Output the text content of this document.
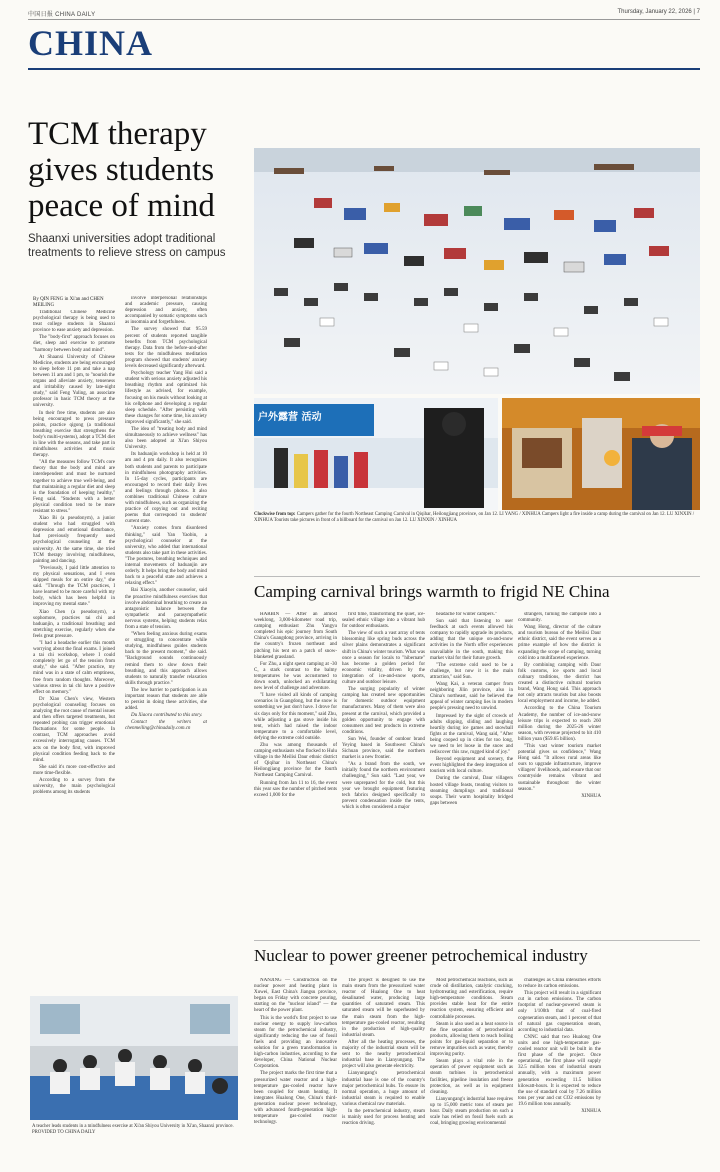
中国日报 CHINA DAILY	Thursday, January 22, 2026 | 7
CHINA
TCM therapy gives students peace of mind
Shaanxi universities adopt traditional treatments to relieve stress on campus
By QIN FENG in Xi'an and CHEN MEILING

Traditional Chinese Medicine psychological therapy is being used to treat college students in Shaanxi province to ease anxiety and depression.

The "body-first" approach focuses on diet, sleep and exercise to promote "harmony between body and mind".

At Shaanxi University of Chinese Medicine, students are being encouraged to sleep before 11 pm and take a nap between 11 am and 1 pm, to "nourish the organs and alleviate anxiety, tenseness and irritability caused by late-night study," said Feng Yuling, an associate professor in basic TCM theory at the university.

In their free time, students are also being encouraged to press pressure points, practice qigong (a traditional breathing exercise that strengthens the body's multi-systems), adopt a TCM diet in line with the seasons, and take part in mindfulness activities and music therapy.

"All the measures follow TCM's core theory that the body and mind are interdependent and must be nurtured together to achieve true well-being, and that maintaining a regular diet and sleep is the foundation of keeping healthy," Feng said. "Students with a better physical condition tend to be more resistant to stress."

Xiao Bi (a pseudonym), a junior student who had struggled with depression and emotional disturbance, had previously frequently used psychological counseling at the university. At the same time, she tried TCM therapy involving mindfulness, painting and dancing.

"Previously, I paid little attention to my physical sensations, and I even skipped meals for an entire day," she said. "Through the TCM practices, I have learned to be more careful with my body, which has been helpful in improving my mental state."

Xiao Chen (a pseudonym), a sophomore, practices tai chi and baduanjin, a traditional breathing and stretching exercise, regularly when she feels great pressure.

"I had a headache earlier this month worrying about the final exams. I joined a tai chi workshop, where I could completely let go of the tension from study," she said. "After practice, my mind was in a state of calm emptiness, free from random thoughts. Moreover, various stress in tai chi have a positive effect on memory."

Dr Xiao Chen's view, Western psychological counseling focuses on analyzing the root cause of mental issues and then offers targeted treatments, but repeated probing can trigger emotional fluctuations for some people. In contrast, TCM approaches avoid excessively interrogating causes. TCM acts on the body first, with improved physical condition feeding back to the mind.

She said it's more cost-effective and more time-flexible.

According to a survey from the university, the main psychological problems among its students

involve interpersonal relationships and academic pressure, causing depression and anxiety, often accompanied by somatic symptoms such as insomnia and forgetfulness.

The survey showed that 95.59 percent of students reported tangible benefits from TCM psychological therapy. Data from the before-and-after tests for the mindfulness meditation program showed that students' anxiety levels decreased significantly afterward.

Psychology teacher Yang Hui said a student with serious anxiety adjusted his breathing rhythm and optimized his lifestyle as advised, for example, focusing on his meals without looking at his cellphone and developing a regular sleep schedule. "After persisting with these changes for some time, his anxiety improved significantly," she said.

The idea of "treating body and mind simultaneously to achieve wellness" has also been adopted at Xi'an Shiyou University.

Its baduanjin workshop is held at 10 am and 4 pm daily. It also recognizes both students and parents to participate in mindfulness photography activities. In 15-day cycles, participants are encouraged to record their daily lives and feelings through photos. It also combines traditional Chinese culture with mindfulness, such as organizing the practice of copying out and reciting poems that correspond to students' current state.

"Anxiety comes from disordered thinking," said Yan Yaobin, a psychological counselor at the university, who added that international students also take part in these activities. "The postures, breathing techniques and internal movements of baduanjin are orderly. It helps bring the body and mind back to a peaceful state and achieves a relaxing effect."

Bai Xiaoyin, another counselor, said the proactive mindfulness exercises that involve abdominal breathing to create an antagonistic balance between the sympathetic and parasympathetic nervous systems, helping students relax from a state of tension.

"When feeling anxious during exams or struggling to concentrate while studying, mindfulness guides students back to the present moment," she said. "Background sounds continuously remind them to slow down their breathing, and this approach allows students to naturally transfer relaxation skills through practice."

The low barrier to participation is an important reason that students are able to persist in doing these activities, she added.

Du Xiaora contributed to this story.

Contact the writers at chenmeiling@chinadaily.com.cn

户外露营 活动
Clockwise from top: Campers gather for the fourth Northeast Camping Carnival in Qiqihar, Heilongjiang province, on Jan 12. LI YANG / XINHUA Campers light a fire inside a camp during the carnival on Jan 12. LU XINXIN / XINHUA Tourists take pictures in front of a billboard for the carnival on Jan 12. LU XINXIN / XINHUA
Camping carnival brings warmth to frigid NE China

HARBIN — After an almost weeklong, 3,000-kilometer road trip, camping enthusiast Zhu Yangyu completed his epic journey from South China's Guangdong province, arriving in the country's frozen northeast and pitching his tent on a patch of snow-blanketed grassland.

For Zhu, a night spent camping at -30 C, a stark contrast to the balmy temperatures he was accustomed to down south, unlocked an exhilarating new level of challenge and adventure.

"I have visited all kinds of camping scenarios in Guangdong, but the snow is something we just don't have. I drove for six days only for this moment," said Zhu, while adjusting a gas stove inside his tent, which had raised the indoor temperature to a comfortable level, defying the extreme cold outside.

Zhu was among thousands of camping enthusiasts who flocked to Hulu village in the Meilisi Daur ethnic district of Qiqihar in Northeast China's Heilongjiang province for the fourth Northeast Camping Carnival.

Running from Jan 11 to 16, the event this year saw the number of pitched tents exceed 1,000 for the

first time, transforming the quiet, ice-sealed ethnic village into a vibrant hub for outdoor enthusiasts.

The view of such a vast array of tents blossoming like spring buds across the silver plains demonstrates a significant shift in China's winter tourism. What was once a season for locals to "hibernate" has become a golden period for economic vitality, driven by the integration of ice-and-snow sports, culture and outdoor leisure.

The surging popularity of winter camping has created new opportunities for domestic outdoor equipment manufacturers. Many of them were also present at the carnival, which provided a golden opportunity to engage with consumers and test products in extreme conditions.

Sun Wei, founder of outdoor brand Yeying based in Southwest China's Sichuan province, said the northern market is a new frontier.

"As a brand from the south, we initially found the northern environment challenging," Sun said. "Last year, we were unprepared for the cold, but this year we brought equipment featuring tech fabrics designed specifically to prevent condensation inside the tents, which is often considered a major

headache for winter campers."

Sun said that listening to user feedback at such events allowed his company to rapidly upgrade its products, adding that the unique on-and-snow activities in the North offer experiences unavailable in the south, making this market vital for their future growth.

"The extreme cold used to be a challenge, but now it is the main attraction," said Sun.

Wang Kai, a veteran camper from neighboring Jilin province, also in China's northeast, said he believed the appeal of winter camping lies in modern people's pressing need to unwind.

Impressed by the sight of crowds of adults slipping, sliding and laughing heartily during ice games and snowball fights at the carnival, Wang said, "After being cooped up in cities for too long, we need to let loose in the snow and rediscover this raw, rugged kind of joy."

Beyond equipment and scenery, the event highlighted the deep integration of tourism with local culture.

During the carnival, Daur villagers hosted village feasts, treating visitors to steaming dumplings and traditional soups. Their warm hospitality bridged gaps between

strangers, turning the campsite into a community.

Wang Hong, director of the culture and tourism bureau of the Meilisi Daur ethnic district, said the event serves as a prime example of how the district is expanding the scope of camping, turning cold into a multifaceted experience.

By combining camping with Daur folk customs, ice sports and local culinary traditions, the district has created a distinctive cultural tourism brand, Wang Hong said. This approach not only attracts tourists but also boosts local employment and income, he added.

According to the China Tourism Academy, the number of ice-and-snow leisure trips is expected to reach 260 million during the 2025-26 winter season, with revenue projected to hit 410 billion yuan ($59.65 billion).

"This vast winter tourism market potential gives us confidence," Wang Hong said. "It allows rural areas like ours to upgrade infrastructure, improve villagers' livelihoods, and ensure that our countryside remains vibrant and sustainable throughout the winter season."

XINHUA

Nuclear to power greener petrochemical industry

NANJING — Construction on the nuclear power and heating plant in Xuwei, East China's Jiangsu province, began on Friday with concrete pouring, starting on the "nuclear island" — the heart of the power plant.

This is the world's first project to use nuclear energy to supply low-carbon steam for the petrochemical industry, significantly reducing the use of fossil fuels and providing an innovative solution for a green transformation in high-carbon industries, according to the developer, China National Nuclear Corporation.

The project marks the first time that a pressurized water reactor and a high-temperature gas-cooled reactor have been coupled for steam heating. It integrates Hualong One, China's third-generation nuclear power technology, with advanced fourth-generation high-temperature gas-cooled reactor technology.

The project is designed to use the main steam from the pressurized water reactor of Hualong One to heat desalinated water, producing large quantities of saturated steam. This saturated steam will be superheated by the main steam from the high-temperature gas-cooled reactor, resulting in the production of high-quality industrial steam.

After all the heating processes, the majority of the industrial steam will be sent to the nearby petrochemical industrial base in Lianyungang. The project will also generate electricity.

Lianyungang's petrochemical industrial base is one of the country's major petrochemical hubs. To ensure its normal operation, a huge amount of industrial steam is required to enable various chemical raw materials.

In the petrochemical industry, steam is mainly used for process heating and reaction driving.

Most petrochemical reactions, such as crude oil distillation, catalytic cracking, hydrotreating and esterification, require high-temperature conditions. Steam provides stable heat for the entire reaction system, ensuring efficient and controllable processes.

Steam is also used as a heat source in the fine separation of petrochemical products, allowing them to reach boiling points for gas-liquid separation or to remove impurities such as water, thereby improving purity.

Steam plays a vital role in the operation of power equipment such as steam turbines in petrochemical facilities, pipeline insulation and freeze protection, as well as in equipment cleaning.

Lianyungang's industrial base requires up to 15,000 metric tons of steam per hour. Daily steam production on such a scale has relied on fossil fuels such as coal, bringing growing environmental

challenges as China intensifies efforts to reduce its carbon emissions.

This project will result in a significant cut in carbon emissions. The carbon footprint of nuclear-powered steam is only 1/100th that of coal-fired cogeneration steam, and 1 percent of that of natural gas cogeneration steam, according to industrial data.

CNNC said that two Hualong One units and one high-temperature gas-cooled reactor unit will be built in the first phase of the project. Once operational, the first phase will supply 32.5 million tons of industrial steam annually, with a maximum power generation exceeding 11.5 billion kilowatt-hours. It is expected to reduce the use of standard coal by 7.26 million tons per year and cut CO2 emissions by 19.6 million tons annually.

XINHUA

A teacher leads students in a mindfulness exercise at Xi'an Shiyou University in Xi'an, Shaanxi province. PROVIDED TO CHINA DAILY
